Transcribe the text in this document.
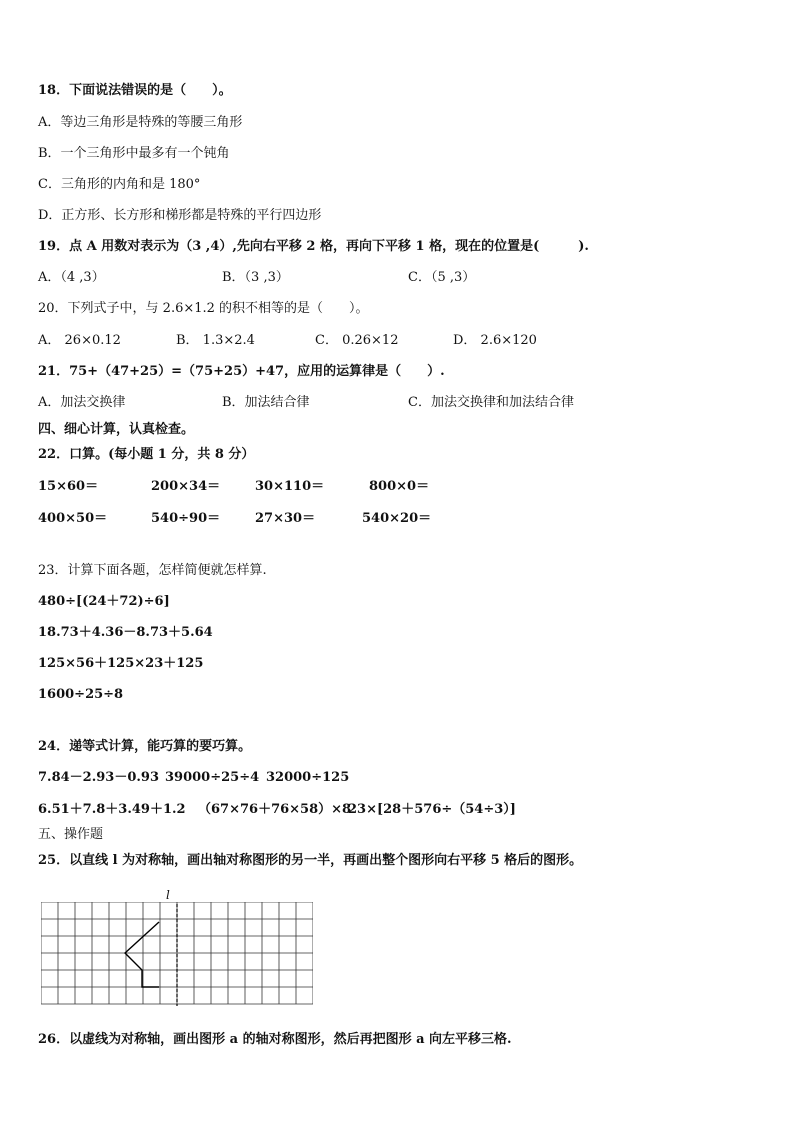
18．下面说法错误的是（　　）。
A．等边三角形是特殊的等腰三角形
B．一个三角形中最多有一个钝角
C．三角形的内角和是 180°
D．正方形、长方形和梯形都是特殊的平行四边形
19．点 A 用数对表示为（3 ,4）,先向右平移 2 格，再向下平移 1 格，现在的位置是(　　　).
A．（4 ,3）	B．（3 ,3）	C．（5 ,3）
20．下列式子中，与 2.6×1.2 的积不相等的是（　　）。
A． 26×0.12	B． 1.3×2.4	C． 0.26×12	D． 2.6×120
21．75+（47+25）=（75+25）+47，应用的运算律是（　　）.
A．加法交换律	B．加法结合律	C．加法交换律和加法结合律
四、细心计算，认真检查。
22．口算。(每小题 1 分，共 8 分）
15×60＝	200×34＝	30×110＝	800×0＝
400×50＝	540÷90＝	27×30＝	540×20＝
23．计算下面各题，怎样简便就怎样算.
480÷[(24＋72)÷6]
18.73＋4.36－8.73＋5.64
125×56＋125×23＋125
1600÷25÷8
24．递等式计算，能巧算的要巧算。
7.84－2.93－0.93 39000÷25÷4 32000÷125
6.51＋7.8＋3.49＋1.2 （67×76＋76×58）×8
23×[28＋576÷（54÷3）]
五、操作题
25．以直线 l 为对称轴，画出轴对称图形的另一半，再画出整个图形向右平移 5 格后的图形。
l
26．以虚线为对称轴，画出图形 a 的轴对称图形，然后再把图形 a 向左平移三格.
